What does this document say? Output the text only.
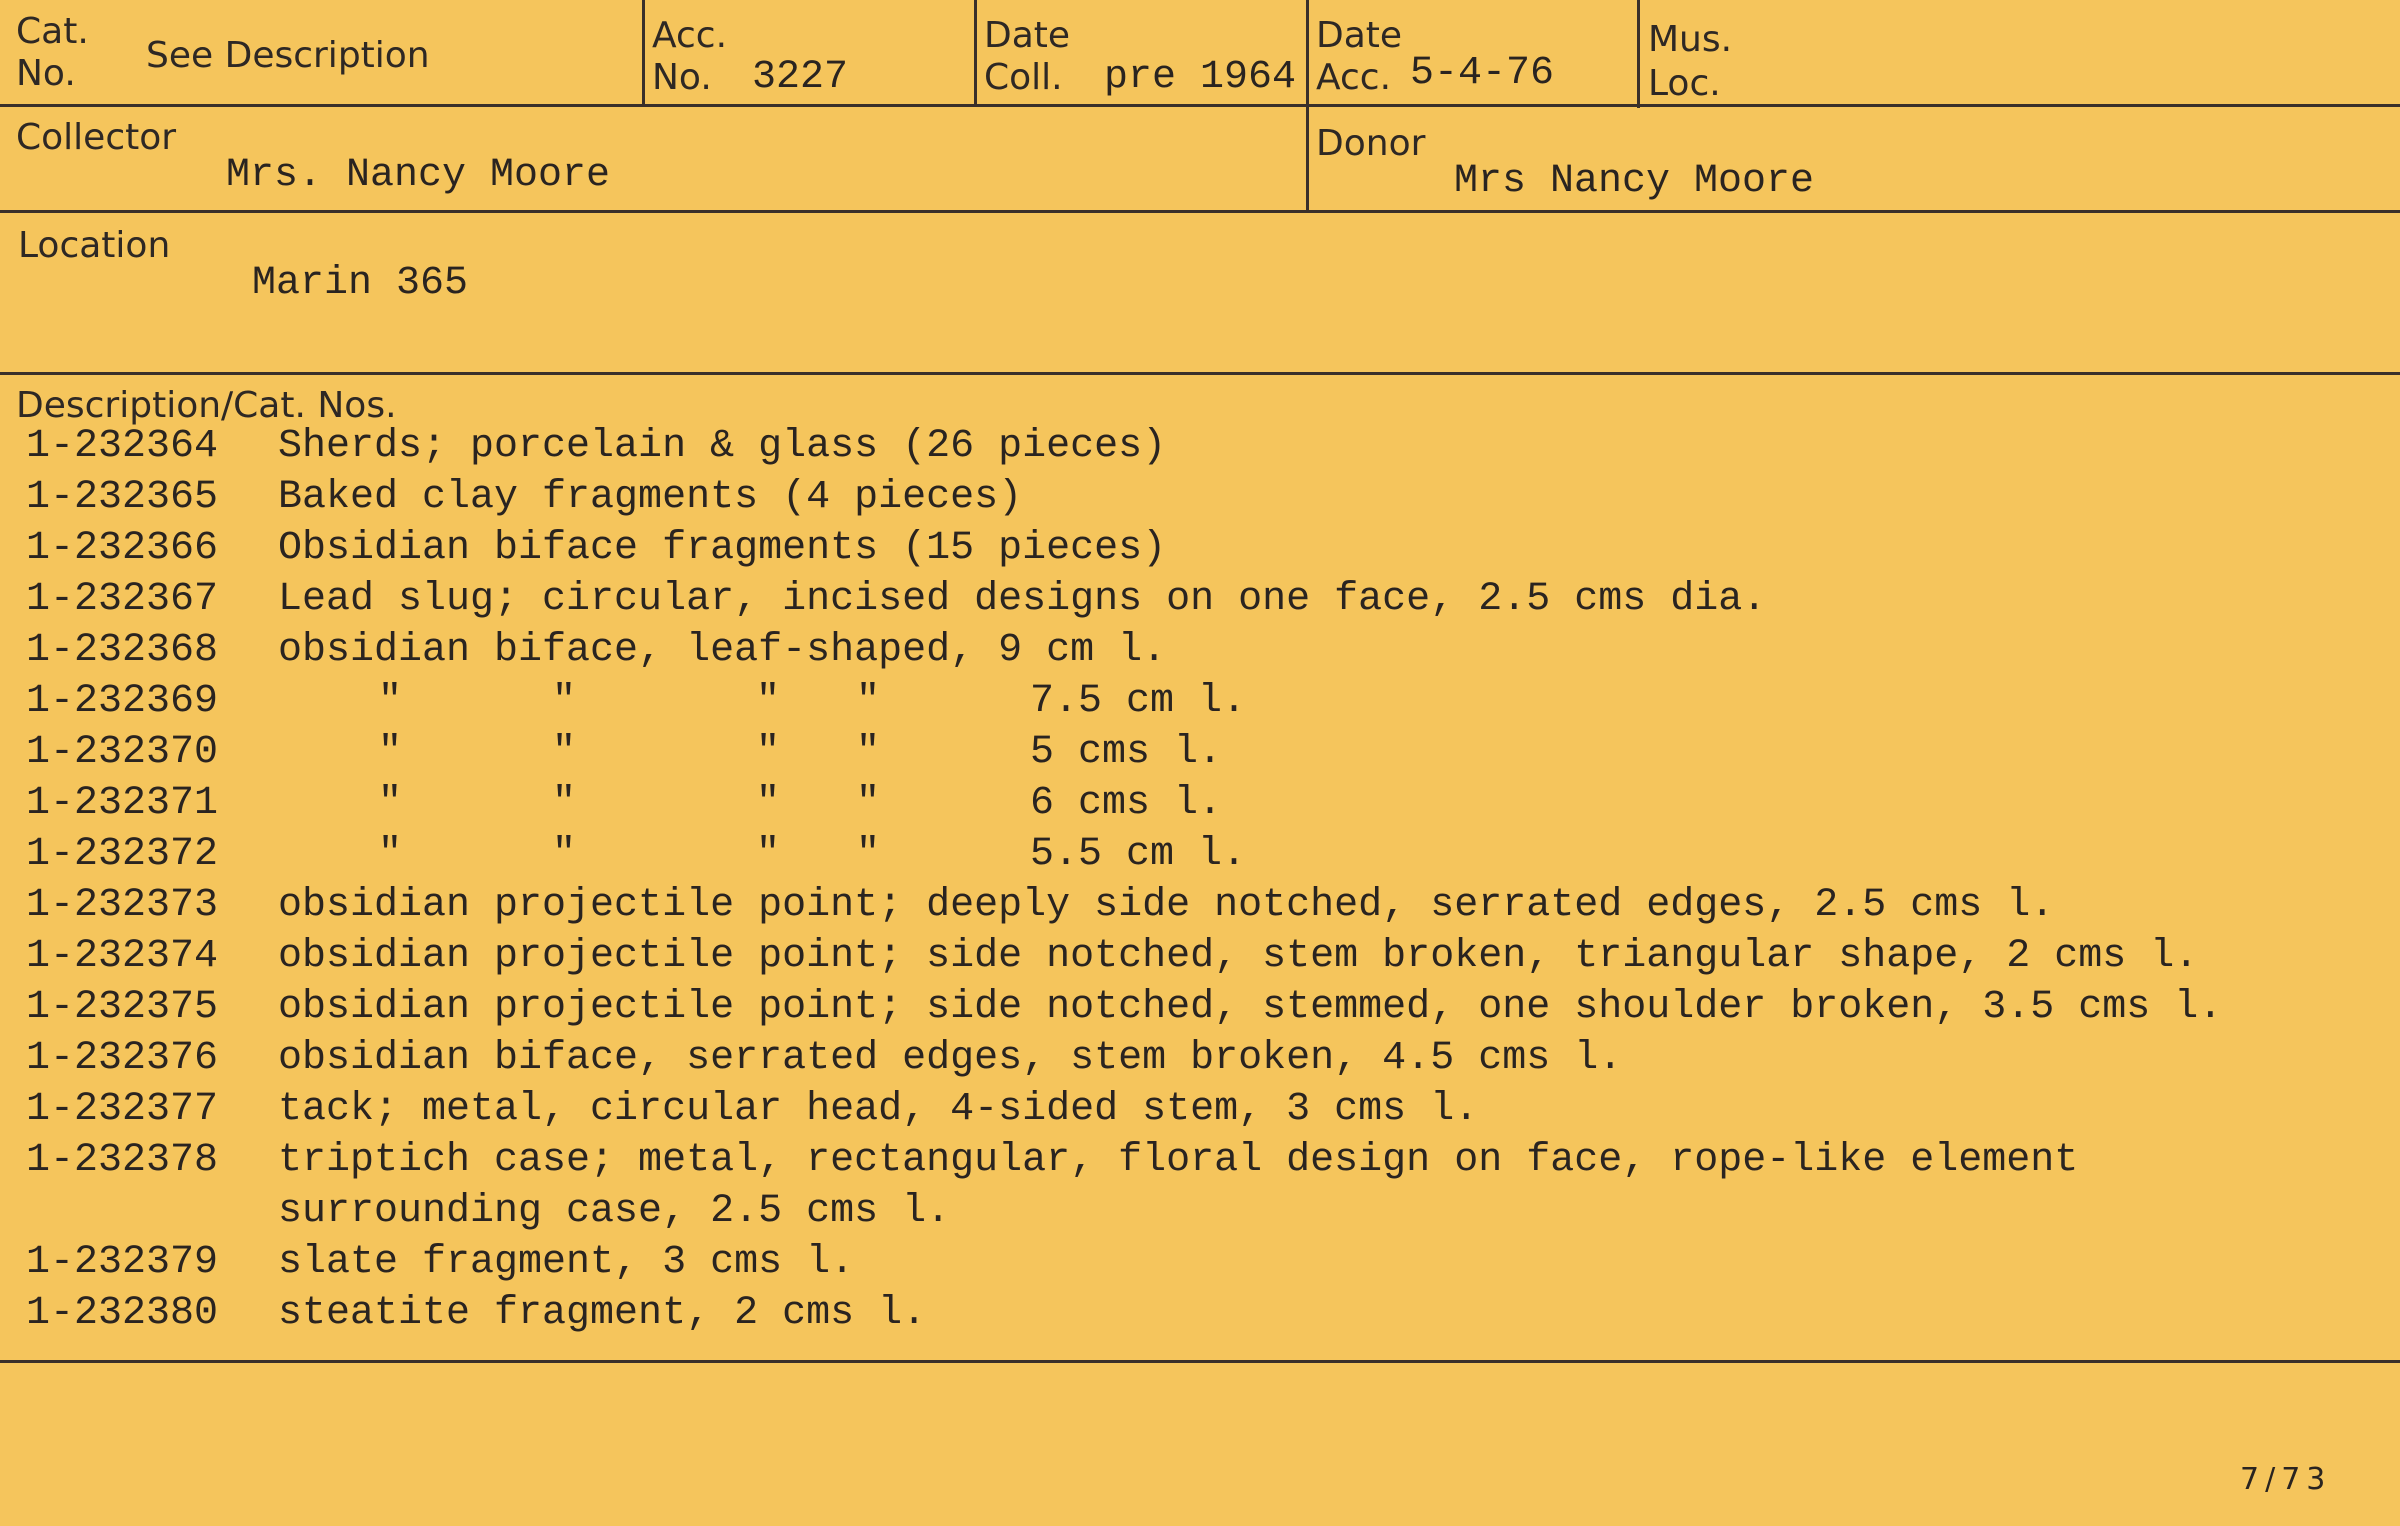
Cat.
No. See Description	Acc.
No. 3227
Date
Coll. pre 1964
Date
Acc. 5-4-76
Mus.
Loc.
Collector
Mrs. Nancy Moore
Donor
Mrs Nancy Moore
Location
Marin 365
Description/Cat. Nos.
1-232364 Sherds; porcelain & glass (26 pieces)
1-232365 Baked clay fragments (4 pieces)
1-232366 Obsidian biface fragments (15 pieces)
1-232367 Lead slug; circular, incised designs on one face, 2.5 cms dia.
1-232368 obsidian biface, leaf-shaped, 9 cm l.
1-232369	"	"	" "	7.5 cm l.
1-232370	"	"	" "	5 cms l.
1-232371	"	"	" "	6 cms l.
1-232372	"	"	" "	5.5 cm l.
1-232373 obsidian projectile point; deeply side notched, serrated edges, 2.5 cms l.
1-232374 obsidian projectile point; side notched, stem broken, triangular shape, 2 cms l.
1-232375 obsidian projectile point; side notched, stemmed, one shoulder broken, 3.5 cms l.
1-232376 obsidian biface, serrated edges, stem broken, 4.5 cms l.
1-232377 tack; metal, circular head, 4-sided stem, 3 cms l.
1-232378 triptich case; metal, rectangular, floral design on face, rope-like element
surrounding case, 2.5 cms l.
1-232379 slate fragment, 3 cms l.
1-232380 steatite fragment, 2 cms l.
7/73
